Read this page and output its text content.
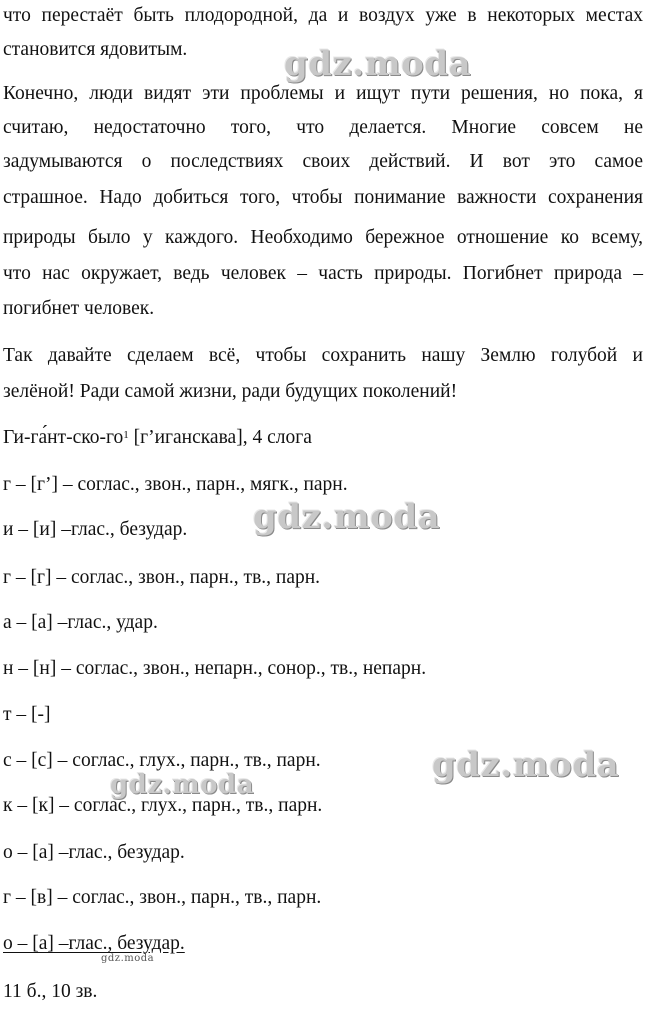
что перестаёт быть плодородной, да и воздух уже в некоторых местах
становится ядовитым.
Конечно, люди видят эти проблемы и ищут пути решения, но пока, я
считаю, недостаточно того, что делается. Многие совсем не
задумываются о последствиях своих действий. И вот это самое
страшное. Надо добиться того, чтобы понимание важности сохранения
природы было у каждого. Необходимо бережное отношение ко всему,
что нас окружает, ведь человек – часть природы. Погибнет природа –
погибнет человек.
Так давайте сделаем всё, чтобы сохранить нашу Землю голубой и
зелёной! Ради самой жизни, ради будущих поколений!
$Ги-га́нт-ско-го^1$ [г’иганскава], 4 слога
г – [г’] – соглас., звон., парн., мягк., парн.
и – [и] –глас., безудар.
г – [г] – соглас., звон., парн., тв., парн.
а – [а] –глас., удар.
н – [н] – соглас., звон., непарн., сонор., тв., непарн.
т – [-]
с – [с] – соглас., глух., парн., тв., парн.
к – [к] – соглас., глух., парн., тв., парн.
о – [а] –глас., безудар.
г – [в] – соглас., звон., парн., тв., парн.
о – [а] –глас., безудар.
11 б., 10 зв.
gdz.moda
gdz.moda
gdz.moda
gdz.moda
gdz.moda
